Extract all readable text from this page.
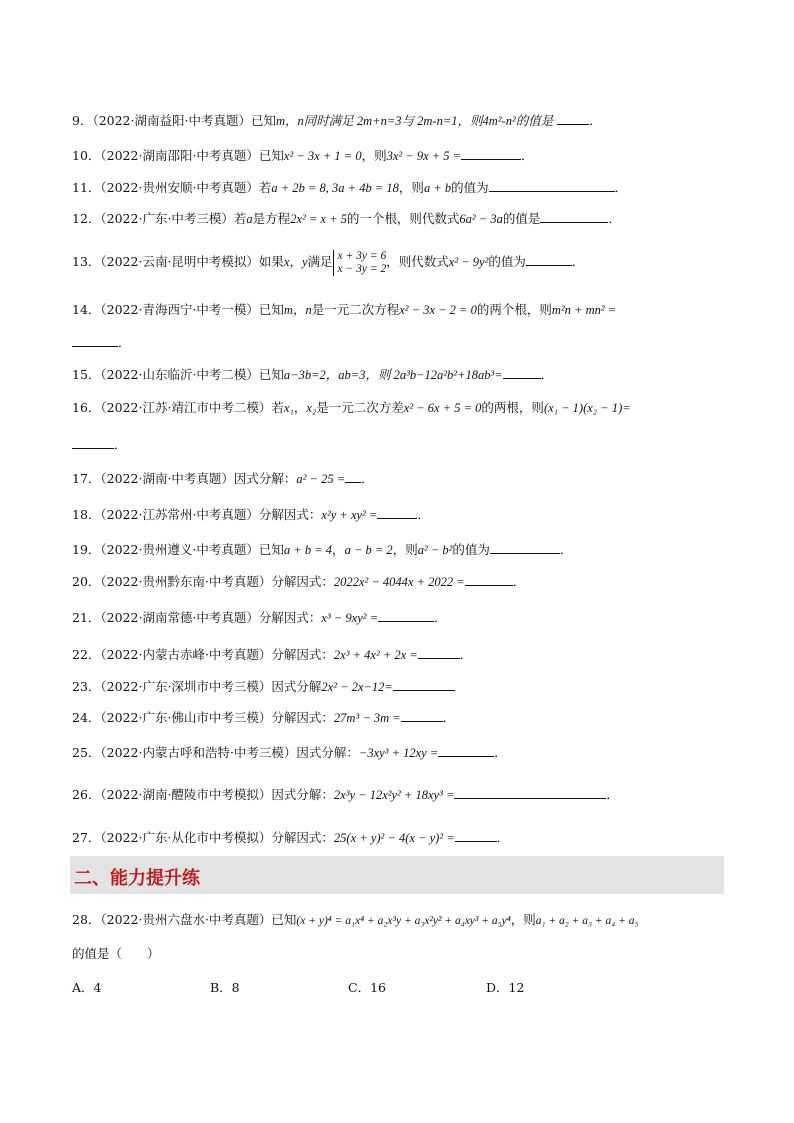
9．（2022·湖南益阳·中考真题）已知m，n同时满足 2m+n=3与 2m-n=1，则4m²-n²的值是	．
10．（2022·湖南邵阳·中考真题）已知x² − 3x + 1 = 0，则3x² − 9x + 5 =	．
11．（2022·贵州安顺·中考真题）若a + 2b = 8, 3a + 4b = 18，则a + b的值为	．
12．（2022·广东·中考三模）若a是方程2x² = x + 5的一个根，则代数式6a² − 3a的值是	．
13．（2022·云南·昆明中考模拟）如果x，y满足 x + 3y = 6
x − 3y = 2，则代数式x² − 9y²的值为	．
14．（2022·青海西宁·中考一模）已知m，n是一元二次方程x² − 3x − 2 = 0的两个根，则m²n + mn² =
．
15．（2022·山东临沂·中考二模）已知a−3b=2，ab=3，则 2a³b−12a²b²+18ab³=	．
16．（2022·江苏·靖江市中考二模）若x₁，x₂是一元二次方差x² − 6x + 5 = 0的两根，则(x₁ − 1)(x₂ − 1)=
．
17．（2022·湖南·中考真题）因式分解：a² − 25 = ．
18．（2022·江苏常州·中考真题）分解因式：x²y + xy² =	．
19．（2022·贵州遵义·中考真题）已知a + b = 4，a − b = 2，则a² − b²的值为	．
20．（2022·贵州黔东南·中考真题）分解因式：2022x² − 4044x + 2022 =	．
21．（2022·湖南常德·中考真题）分解因式：x³ − 9xy² =	．
22．（2022·内蒙古赤峰·中考真题）分解因式：2x³ + 4x² + 2x =	．
23．（2022·广东·深圳市中考三模）因式分解2x² − 2x−12=
24．（2022·广东·佛山市中考三模）分解因式：27m³ − 3m =	．
25．（2022·内蒙古呼和浩特·中考三模）因式分解：−3xy³ + 12xy =	．
26．（2022·湖南·醴陵市中考模拟）因式分解：2x³y − 12x²y² + 18xy³ =	．
27．（2022·广东·从化市中考模拟）分解因式：25(x + y)² − 4(x − y)² =	．
二、能力提升练
28．（2022·贵州六盘水·中考真题）已知(x + y)⁴ = a₁x⁴ + a₂x³y + a₃x²y² + a₄xy³ + a₅y⁴，则a₁ + a₂ + a₃ + a₄ + a₅
的值是（　　）
A．4	B．8	C．16	D．12
